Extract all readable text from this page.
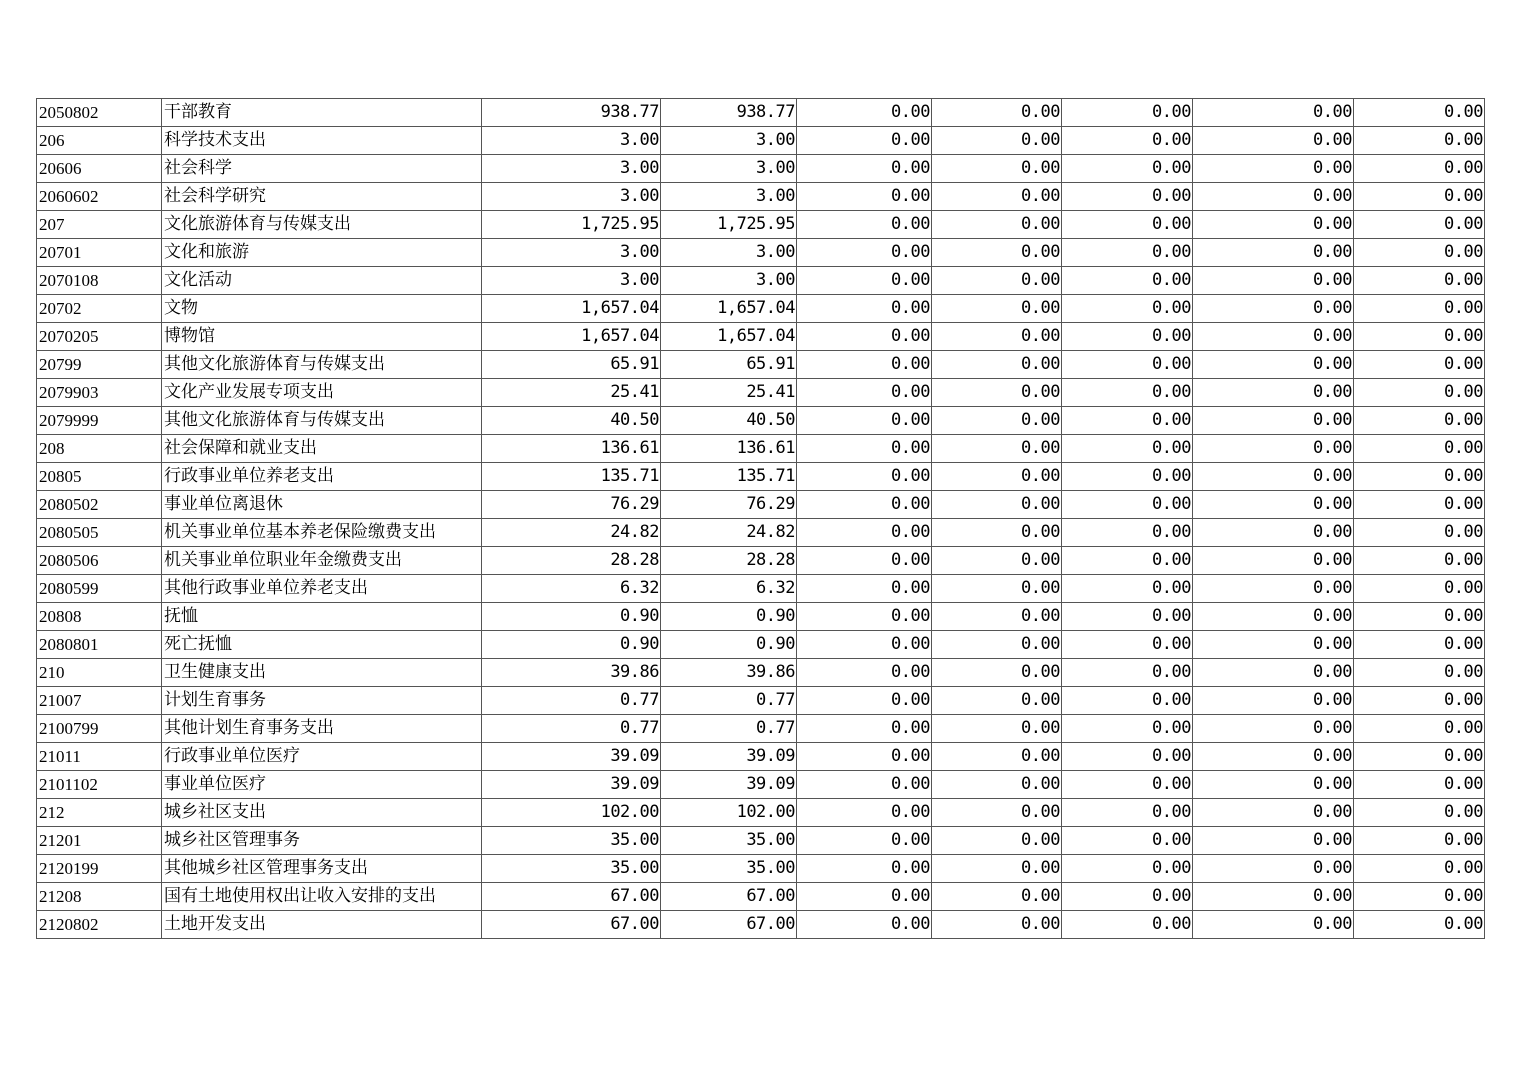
2050802	干部教育	938.77	938.77	0.00	0.00	0.00	0.00	0.00
206	科学技术支出	3.00	3.00	0.00	0.00	0.00	0.00	0.00
20606	社会科学	3.00	3.00	0.00	0.00	0.00	0.00	0.00
2060602	社会科学研究	3.00	3.00	0.00	0.00	0.00	0.00	0.00
207	文化旅游体育与传媒支出	1,725.95	1,725.95	0.00	0.00	0.00	0.00	0.00
20701	文化和旅游	3.00	3.00	0.00	0.00	0.00	0.00	0.00
2070108	文化活动	3.00	3.00	0.00	0.00	0.00	0.00	0.00
20702	文物	1,657.04	1,657.04	0.00	0.00	0.00	0.00	0.00
2070205	博物馆	1,657.04	1,657.04	0.00	0.00	0.00	0.00	0.00
20799	其他文化旅游体育与传媒支出	65.91	65.91	0.00	0.00	0.00	0.00	0.00
2079903	文化产业发展专项支出	25.41	25.41	0.00	0.00	0.00	0.00	0.00
2079999	其他文化旅游体育与传媒支出	40.50	40.50	0.00	0.00	0.00	0.00	0.00
208	社会保障和就业支出	136.61	136.61	0.00	0.00	0.00	0.00	0.00
20805	行政事业单位养老支出	135.71	135.71	0.00	0.00	0.00	0.00	0.00
2080502	事业单位离退休	76.29	76.29	0.00	0.00	0.00	0.00	0.00
2080505	机关事业单位基本养老保险缴费支出	24.82	24.82	0.00	0.00	0.00	0.00	0.00
2080506	机关事业单位职业年金缴费支出	28.28	28.28	0.00	0.00	0.00	0.00	0.00
2080599	其他行政事业单位养老支出	6.32	6.32	0.00	0.00	0.00	0.00	0.00
20808	抚恤	0.90	0.90	0.00	0.00	0.00	0.00	0.00
2080801	死亡抚恤	0.90	0.90	0.00	0.00	0.00	0.00	0.00
210	卫生健康支出	39.86	39.86	0.00	0.00	0.00	0.00	0.00
21007	计划生育事务	0.77	0.77	0.00	0.00	0.00	0.00	0.00
2100799	其他计划生育事务支出	0.77	0.77	0.00	0.00	0.00	0.00	0.00
21011	行政事业单位医疗	39.09	39.09	0.00	0.00	0.00	0.00	0.00
2101102	事业单位医疗	39.09	39.09	0.00	0.00	0.00	0.00	0.00
212	城乡社区支出	102.00	102.00	0.00	0.00	0.00	0.00	0.00
21201	城乡社区管理事务	35.00	35.00	0.00	0.00	0.00	0.00	0.00
2120199	其他城乡社区管理事务支出	35.00	35.00	0.00	0.00	0.00	0.00	0.00
21208	国有土地使用权出让收入安排的支出	67.00	67.00	0.00	0.00	0.00	0.00	0.00
2120802	土地开发支出	67.00	67.00	0.00	0.00	0.00	0.00	0.00
